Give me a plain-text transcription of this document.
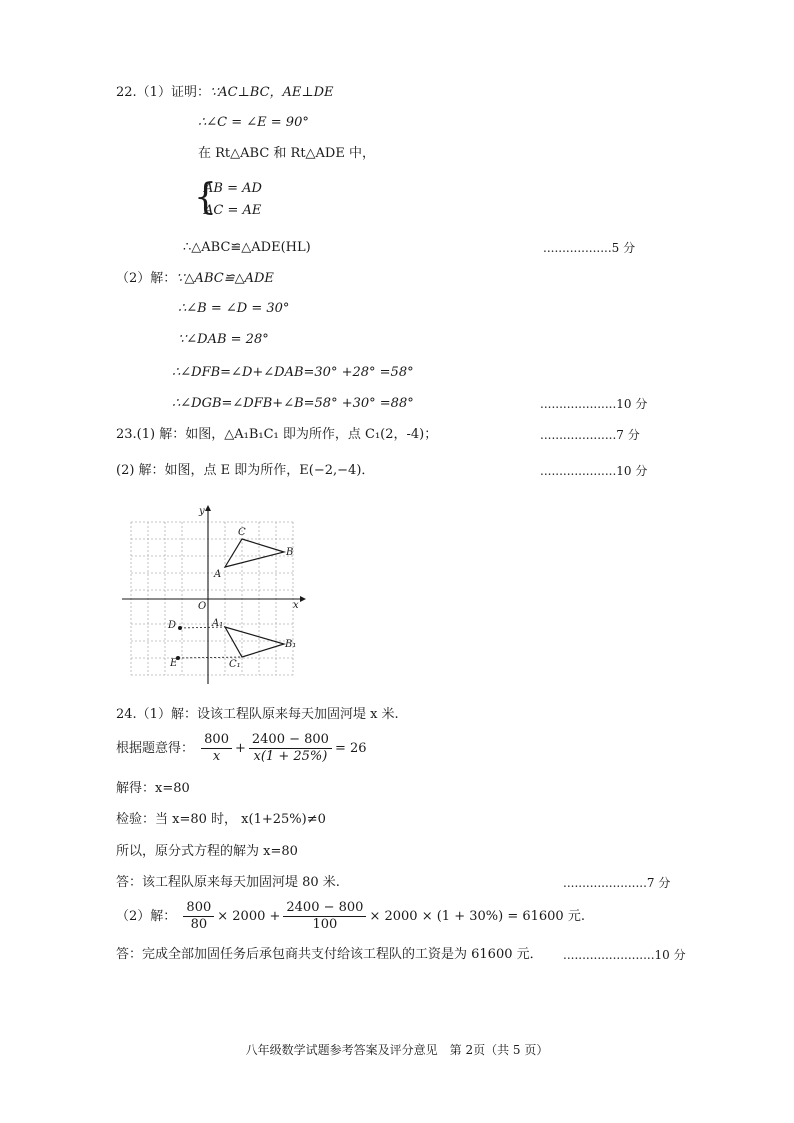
22.（1）证明：∵AC⊥BC，AE⊥DE
∴∠C = ∠E = 90°
在 Rt△ABC 和 Rt△ADE 中，
{
AB = AD
AC = AE
∴△ABC≌△ADE(HL)	..................5 分
（2）解：∵△ABC≌△ADE
∴∠B = ∠D = 30°
∵∠DAB = 28°
∴∠DFB=∠D+∠DAB=30° +28° =58°
∴∠DGB=∠DFB+∠B=58° +30° =88°	....................10 分
23.(1) 解：如图，△A₁B₁C₁ 即为所作，点 C₁(2，-4)；	....................7 分
(2) 解：如图，点 E 即为所作，E(−2,−4)．	....................10 分
y
x
O
A
B
C
A₁
B₁
C₁
D
E
24.（1）解：设该工程队原来每天加固河堤 x 米.
根据题意得： $\frac{800}{x} + \frac{2400 - 800}{x(1 + 25\%)} = 26$
解得：x=80
检验：当 x=80 时， x(1+25%)≠0
所以，原分式方程的解为 x=80
答：该工程队原来每天加固河堤 80 米.	......................7 分
（2）解： $\frac{800}{80} \times 2000 + \frac{2400 - 800}{100} \times 2000 \times (1 + 30\%) = 61600$ 元.
答：完成全部加固任务后承包商共支付给该工程队的工资是为 61600 元． ........................10 分
八年级数学试题参考答案及评分意见　第 2页（共 5 页）
